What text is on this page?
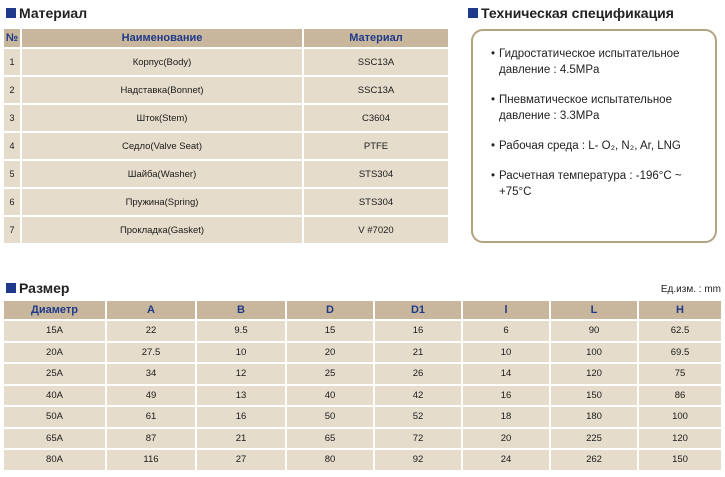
Материал
№	Наименование	Материал
1	Корпус(Body)	SSC13A
2	Надставка(Bonnet)	SSC13A
3	Шток(Stem)	C3604
4	Седло(Valve Seat)	PTFE
5	Шайба(Washer)	STS304
6	Пружина(Spring)	STS304
7	Прокладка(Gasket)	V #7020
Техническая спецификация
• Гидростатическое испытательное давление : 4.5MPa
• Пневматическое испытательное давление : 3.3MPa
• Рабочая среда : L- O₂, N₂, Ar, LNG
• Расчетная температура : -196°C ~ +75°C
Размер	Ед.изм. : mm
Диаметр	A	B	D	D1	l	L	H
15A	22	9.5	15	16	6	90	62.5
20A	27.5	10	20	21	10	100	69.5
25A	34	12	25	26	14	120	75
40A	49	13	40	42	16	150	86
50A	61	16	50	52	18	180	100
65A	87	21	65	72	20	225	120
80A	116	27	80	92	24	262	150
